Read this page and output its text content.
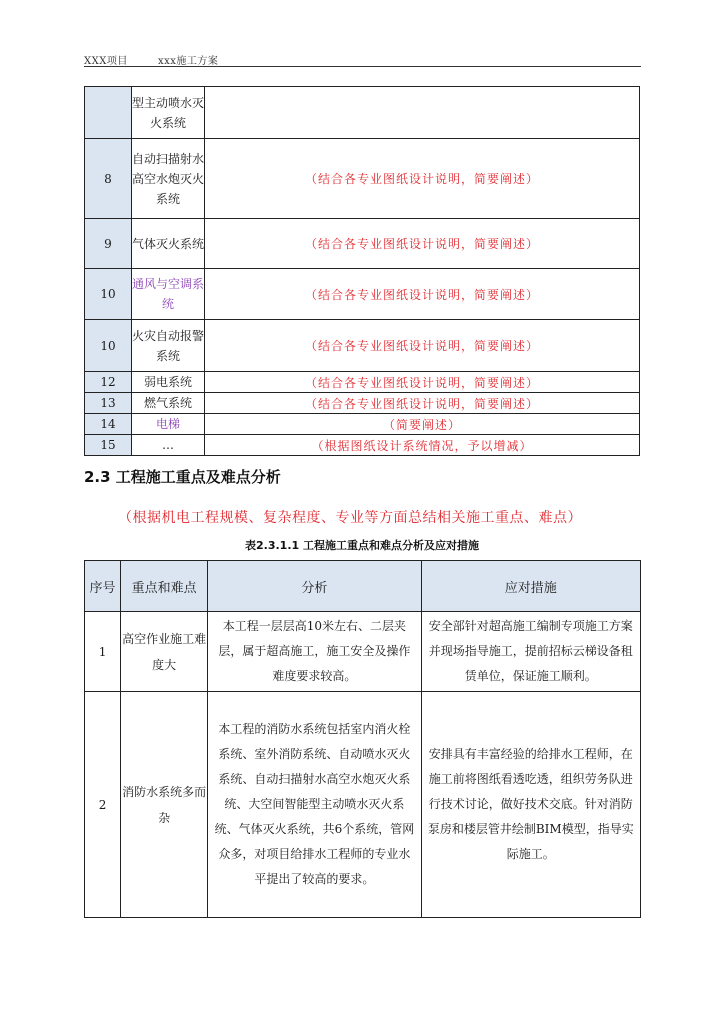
XXX项目	xxx施工方案
	型主动喷水灭火系统	
8	自动扫描射水高空水炮灭火系统	（结合各专业图纸设计说明，简要阐述）
9	气体灭火系统	（结合各专业图纸设计说明，简要阐述）
10	通风与空调系统	（结合各专业图纸设计说明，简要阐述）
10	火灾自动报警系统	（结合各专业图纸设计说明，简要阐述）
12	弱电系统	（结合各专业图纸设计说明，简要阐述）
13	燃气系统	（结合各专业图纸设计说明，简要阐述）
14	电梯	（简要阐述）
15	…	（根据图纸设计系统情况，予以增减）
2.3 工程施工重点及难点分析
（根据机电工程规模、复杂程度、专业等方面总结相关施工重点、难点）
表2.3.1.1 工程施工重点和难点分析及应对措施
序号	重点和难点	分析	应对措施
1	高空作业施工难度大	本工程一层层高10米左右、二层夹层，属于超高施工，施工安全及操作难度要求较高。	安全部针对超高施工编制专项施工方案并现场指导施工，提前招标云梯设备租赁单位，保证施工顺利。
2	消防水系统多而杂	本工程的消防水系统包括室内消火栓系统、室外消防系统、自动喷水灭火系统、自动扫描射水高空水炮灭火系统、大空间智能型主动喷水灭火系统、气体灭火系统，共6个系统，管网众多，对项目给排水工程师的专业水平提出了较高的要求。	安排具有丰富经验的给排水工程师，在施工前将图纸看透吃透，组织劳务队进行技术讨论，做好技术交底。针对消防泵房和楼层管井绘制BIM模型，指导实际施工。
